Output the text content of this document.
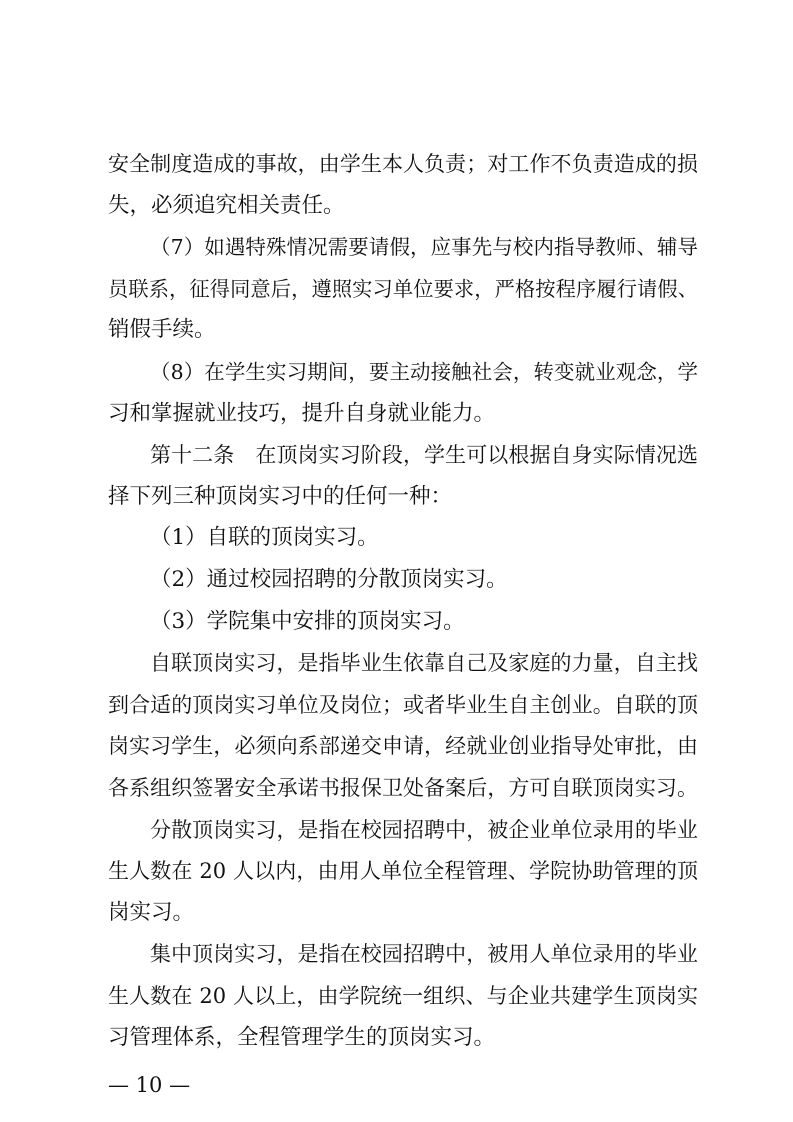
安全制度造成的事故，由学生本人负责；对工作不负责造成的损
失，必须追究相关责任。
（7）如遇特殊情况需要请假，应事先与校内指导教师、辅导
员联系，征得同意后，遵照实习单位要求，严格按程序履行请假、
销假手续。
（8）在学生实习期间，要主动接触社会，转变就业观念，学
习和掌握就业技巧，提升自身就业能力。
第十二条　在顶岗实习阶段，学生可以根据自身实际情况选
择下列三种顶岗实习中的任何一种：
（1）自联的顶岗实习。
（2）通过校园招聘的分散顶岗实习。
（3）学院集中安排的顶岗实习。
自联顶岗实习，是指毕业生依靠自己及家庭的力量，自主找
到合适的顶岗实习单位及岗位；或者毕业生自主创业。自联的顶
岗实习学生，必须向系部递交申请，经就业创业指导处审批，由
各系组织签署安全承诺书报保卫处备案后，方可自联顶岗实习。
分散顶岗实习，是指在校园招聘中，被企业单位录用的毕业
生人数在 20 人以内，由用人单位全程管理、学院协助管理的顶
岗实习。
集中顶岗实习，是指在校园招聘中，被用人单位录用的毕业
生人数在 20 人以上，由学院统一组织、与企业共建学生顶岗实
习管理体系，全程管理学生的顶岗实习。
— 10 —
